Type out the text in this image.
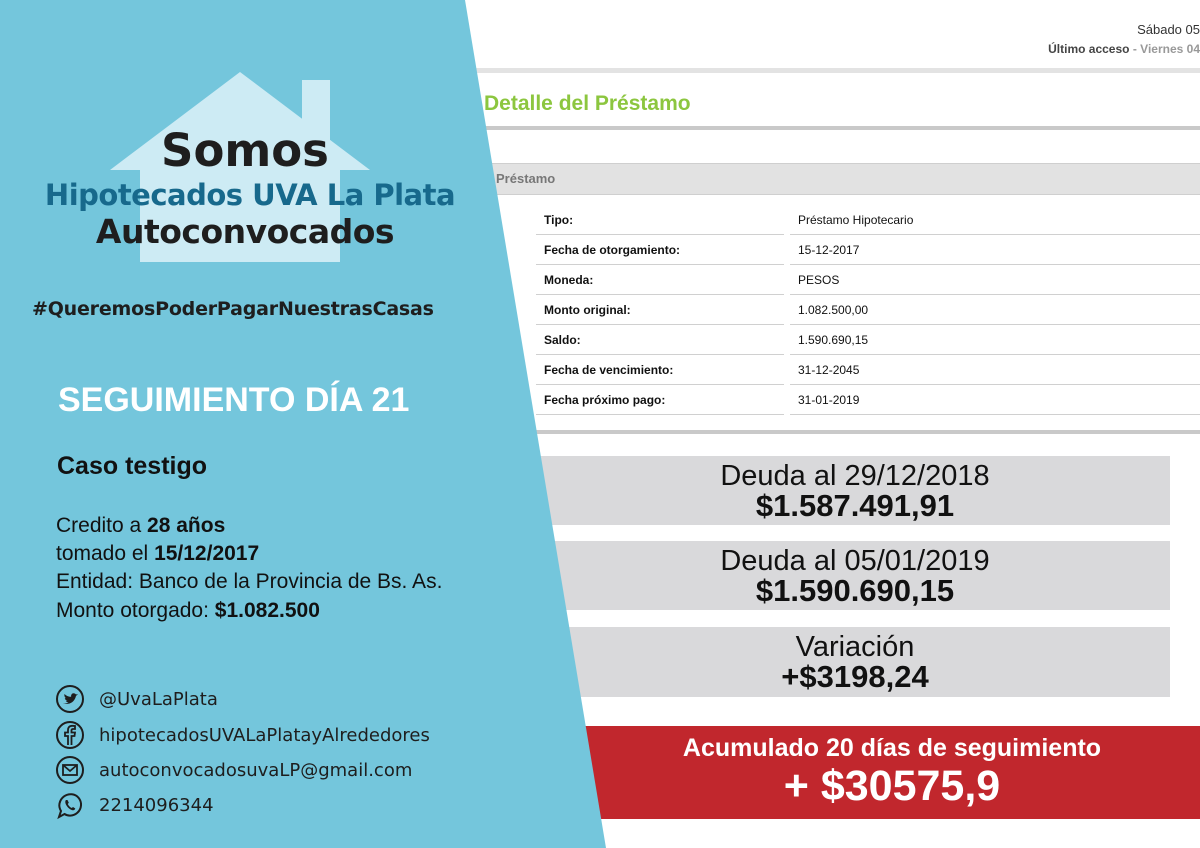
Sábado 05
Último acceso - Viernes 04
Detalle del Préstamo
Préstamo
Tipo:		Préstamo Hipotecario
Fecha de otorgamiento:		15-12-2017
Moneda:		PESOS
Monto original:		1.082.500,00
Saldo:		1.590.690,15
Fecha de vencimiento:		31-12-2045
Fecha próximo pago:		31-01-2019
Deuda al 29/12/2018
$1.587.491,91
Deuda al 05/01/2019
$1.590.690,15
Variación
+$3198,24
Acumulado 20 días de seguimiento
+ $30575,9
Somos
Hipotecados UVA La Plata
Autoconvocados
#QueremosPoderPagarNuestrasCasas
SEGUIMIENTO DÍA 21
Caso testigo
Credito a 28 años
tomado el 15/12/2017
Entidad: Banco de la Provincia de Bs. As.
Monto otorgado: $1.082.500
@UvaLaPlata
hipotecadosUVALaPlatayAlrededores
autoconvocadosuvaLP@gmail.com
2214096344
